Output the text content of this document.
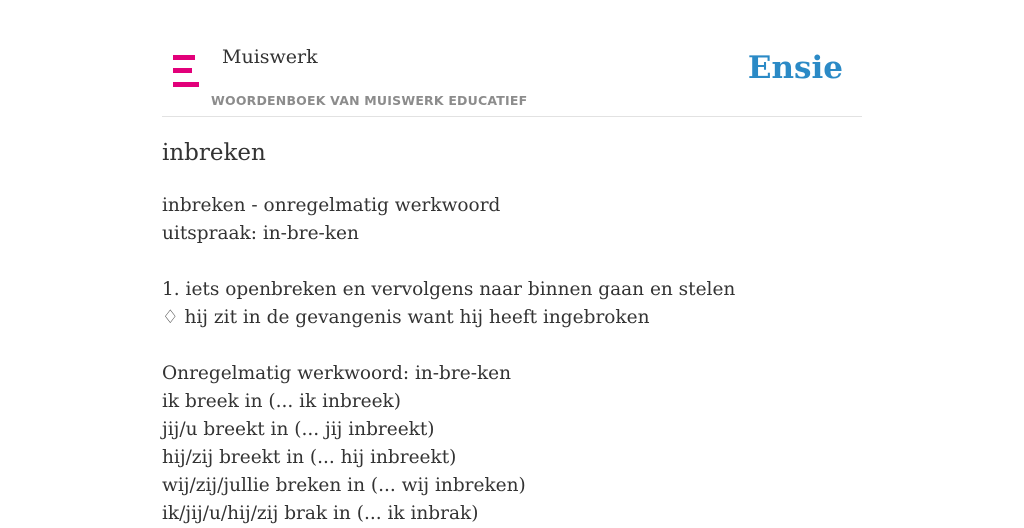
Muiswerk
WOORDENBOEK VAN MUISWERK EDUCATIEF
Ensie
inbreken
inbreken - onregelmatig werkwoord
uitspraak: in-bre-ken
1. iets openbreken en vervolgens naar binnen gaan en stelen
♢ hij zit in de gevangenis want hij heeft ingebroken
Onregelmatig werkwoord: in-bre-ken
ik breek in (... ik inbreek)
jij/u breekt in (... jij inbreekt)
hij/zij breekt in (... hij inbreekt)
wij/zij/jullie breken in (... wij inbreken)
ik/jij/u/hij/zij brak in (... ik inbrak)
